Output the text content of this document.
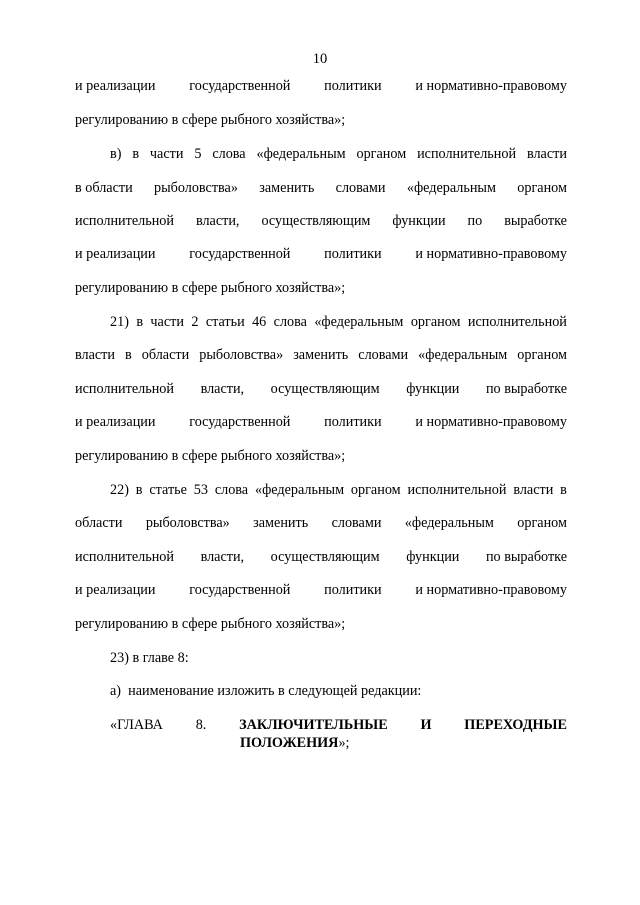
10
и реализации государственной политики и нормативно-правовому
регулированию в сфере рыбного хозяйства»;
в) в части 5 слова «федеральным органом исполнительной власти
в области рыболовства» заменить словами «федеральным органом
исполнительной власти, осуществляющим функции по выработке
и реализации государственной политики и нормативно-правовому
регулированию в сфере рыбного хозяйства»;
21) в части 2 статьи 46 слова «федеральным органом исполнительной
власти в области рыболовства» заменить словами «федеральным органом
исполнительной власти, осуществляющим функции по выработке
и реализации государственной политики и нормативно-правовому
регулированию в сфере рыбного хозяйства»;
22) в статье 53 слова «федеральным органом исполнительной власти в
области рыболовства» заменить словами «федеральным органом
исполнительной власти, осуществляющим функции по выработке
и реализации государственной политики и нормативно-правовому
регулированию в сфере рыбного хозяйства»;
23) в главе 8:
а)  наименование изложить в следующей редакции:
«ГЛАВА 8. ЗАКЛЮЧИТЕЛЬНЫЕ И ПЕРЕХОДНЫЕ
ПОЛОЖЕНИЯ»;
